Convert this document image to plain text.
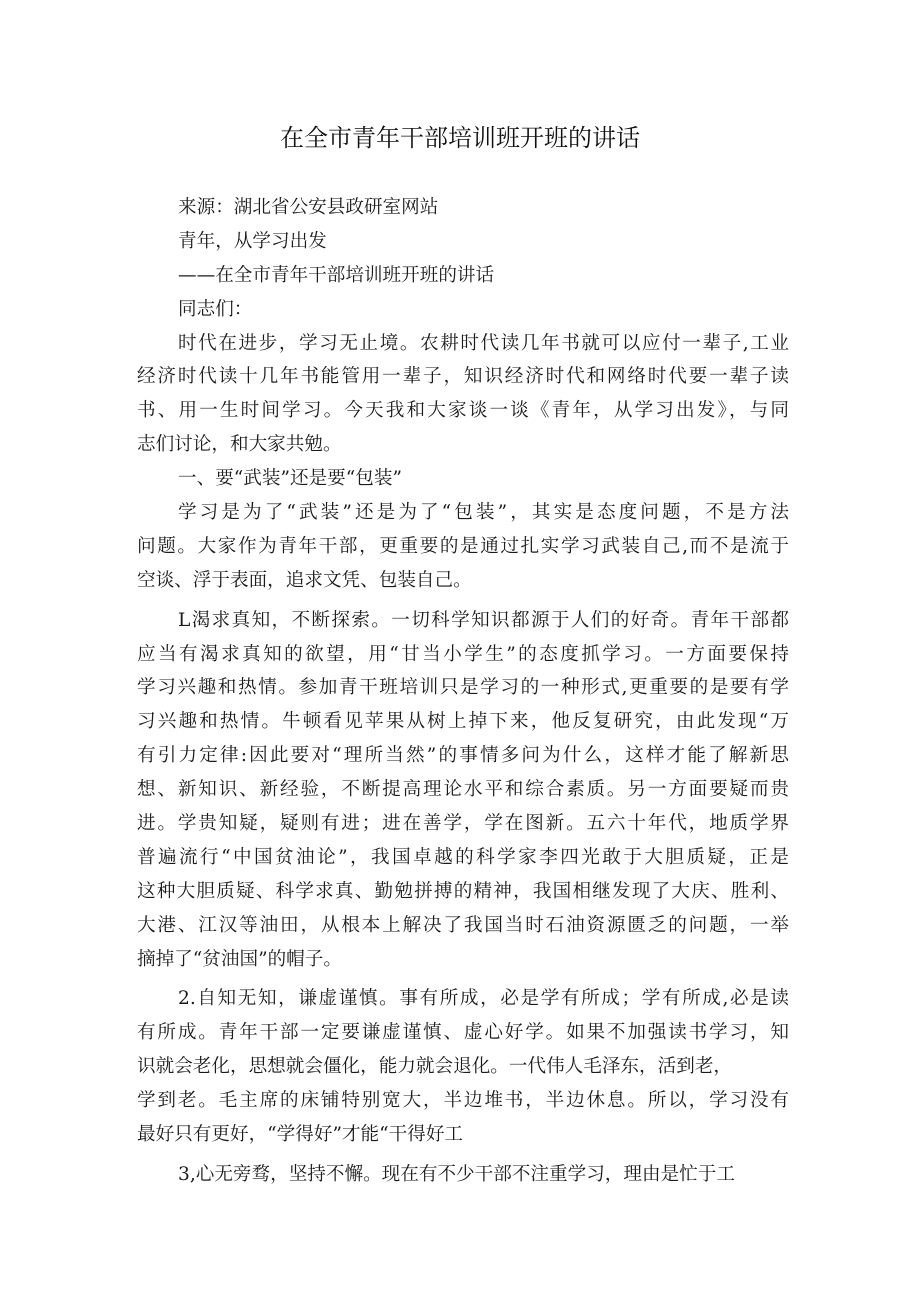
在全市青年干部培训班开班的讲话
来源：湖北省公安县政研室网站
青年，从学习出发
——在全市青年干部培训班开班的讲话
同志们：
时代在进步，学习无止境。农耕时代读几年书就可以应付一辈子,工业
经济时代读十几年书能管用一辈子，知识经济时代和网络时代要一辈子读
书、用一生时间学习。今天我和大家谈一谈《青年，从学习出发》，与同
志们讨论，和大家共勉。
一、要“武装”还是要“包装”
学习是为了“武装”还是为了“包装”，其实是态度问题，不是方法
问题。大家作为青年干部，更重要的是通过扎实学习武装自己,而不是流于
空谈、浮于表面，追求文凭、包装自己。
L渴求真知，不断探索。一切科学知识都源于人们的好奇。青年干部都
应当有渴求真知的欲望，用“甘当小学生”的态度抓学习。一方面要保持
学习兴趣和热情。参加青干班培训只是学习的一种形式,更重要的是要有学
习兴趣和热情。牛顿看见苹果从树上掉下来，他反复研究，由此发现“万
有引力定律:因此要对“理所当然”的事情多问为什么，这样才能了解新思
想、新知识、新经验，不断提高理论水平和综合素质。另一方面要疑而贵
进。学贵知疑，疑则有进；进在善学，学在图新。五六十年代，地质学界
普遍流行“中国贫油论”，我国卓越的科学家李四光敢于大胆质疑，正是
这种大胆质疑、科学求真、勤勉拼搏的精神，我国相继发现了大庆、胜利、
大港、江汉等油田，从根本上解决了我国当时石油资源匮乏的问题，一举
摘掉了“贫油国”的帽子。
2.自知无知，谦虚谨慎。事有所成，必是学有所成；学有所成,必是读
有所成。青年干部一定要谦虚谨慎、虚心好学。如果不加强读书学习，知
识就会老化，思想就会僵化，能力就会退化。一代伟人毛泽东，活到老，
学到老。毛主席的床铺特别宽大，半边堆书，半边休息。所以，学习没有
最好只有更好，“学得好”才能“干得好工
3,心无旁骛，坚持不懈。现在有不少干部不注重学习，理由是忙于工
